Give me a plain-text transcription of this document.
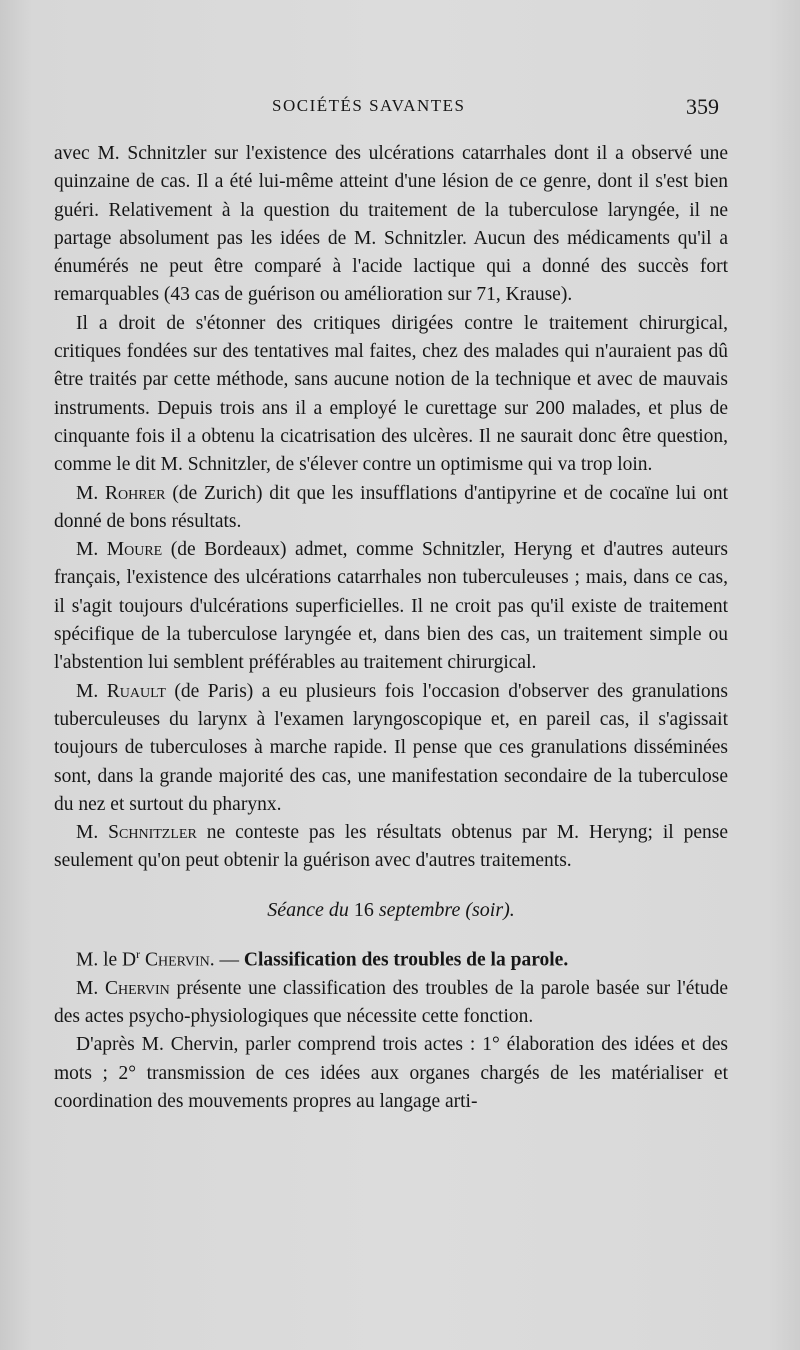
SOCIÉTÉS SAVANTES	359

avec M. Schnitzler sur l'existence des ulcérations catarrhales dont il a observé une quinzaine de cas. Il a été lui-même atteint d'une lésion de ce genre, dont il s'est bien guéri. Relativement à la question du traitement de la tuberculose laryngée, il ne partage absolument pas les idées de M. Schnitzler. Aucun des médicaments qu'il a énumérés ne peut être comparé à l'acide lactique qui a donné des succès fort remarquables (43 cas de guérison ou amélioration sur 71, Krause).

Il a droit de s'étonner des critiques dirigées contre le traitement chirurgical, critiques fondées sur des tentatives mal faites, chez des malades qui n'auraient pas dû être traités par cette méthode, sans aucune notion de la technique et avec de mauvais instruments. Depuis trois ans il a employé le curettage sur 200 malades, et plus de cinquante fois il a obtenu la cicatrisation des ulcères. Il ne saurait donc être question, comme le dit M. Schnitzler, de s'élever contre un optimisme qui va trop loin.

M. Rohrer (de Zurich) dit que les insufflations d'antipyrine et de cocaïne lui ont donné de bons résultats.

M. Moure (de Bordeaux) admet, comme Schnitzler, Heryng et d'autres auteurs français, l'existence des ulcérations catarrhales non tuberculeuses ; mais, dans ce cas, il s'agit toujours d'ulcérations superficielles. Il ne croit pas qu'il existe de traitement spécifique de la tuberculose laryngée et, dans bien des cas, un traitement simple ou l'abstention lui semblent préférables au traitement chirurgical.

M. Ruault (de Paris) a eu plusieurs fois l'occasion d'observer des granulations tuberculeuses du larynx à l'examen laryngoscopique et, en pareil cas, il s'agissait toujours de tuberculoses à marche rapide. Il pense que ces granulations disséminées sont, dans la grande majorité des cas, une manifestation secondaire de la tuberculose du nez et surtout du pharynx.

M. Schnitzler ne conteste pas les résultats obtenus par M. Heryng; il pense seulement qu'on peut obtenir la guérison avec d'autres traitements.

Séance du 16 septembre (soir).

M. le $D^r$ Chervin. — Classification des troubles de la parole.

M. Chervin présente une classification des troubles de la parole basée sur l'étude des actes psycho-physiologiques que nécessite cette fonction.

D'après M. Chervin, parler comprend trois actes : 1° élaboration des idées et des mots ; 2° transmission de ces idées aux organes chargés de les matérialiser et coordination des mouvements propres au langage arti-
